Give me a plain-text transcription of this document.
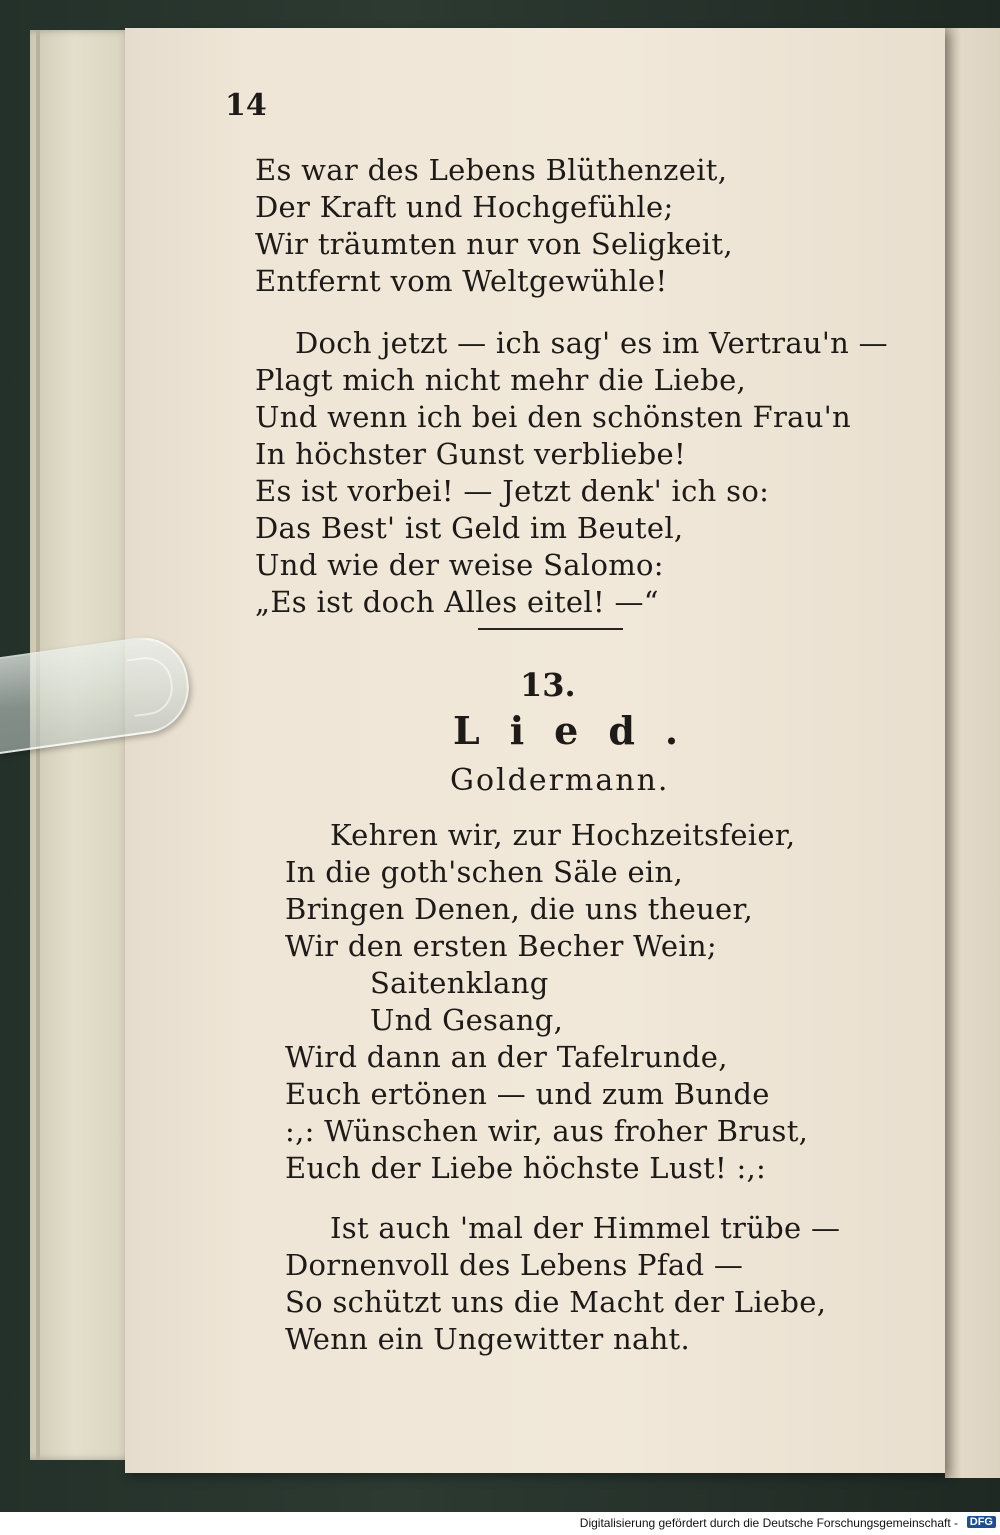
14
Es war des Lebens Blüthenzeit,
Der Kraft und Hochgefühle;
Wir träumten nur von Seligkeit,
Entfernt vom Weltgewühle!
Doch jetzt — ich sag' es im Vertrau'n —
Plagt mich nicht mehr die Liebe,
Und wenn ich bei den schönsten Frau'n
In höchster Gunst verbliebe!
Es ist vorbei! — Jetzt denk' ich so:
Das Best' ist Geld im Beutel,
Und wie der weise Salomo:
„Es ist doch Alles eitel! —“
13.
Lied.
Goldermann.
Kehren wir, zur Hochzeitsfeier,
In die goth'schen Säle ein,
Bringen Denen, die uns theuer,
Wir den ersten Becher Wein;
Saitenklang
Und Gesang,
Wird dann an der Tafelrunde,
Euch ertönen — und zum Bunde
:,: Wünschen wir, aus froher Brust,
Euch der Liebe höchste Lust! :,:
Ist auch 'mal der Himmel trübe —
Dornenvoll des Lebens Pfad —
So schützt uns die Macht der Liebe,
Wenn ein Ungewitter naht.
Digitalisierung gefördert durch die Deutsche Forschungsgemeinschaft - DFG
